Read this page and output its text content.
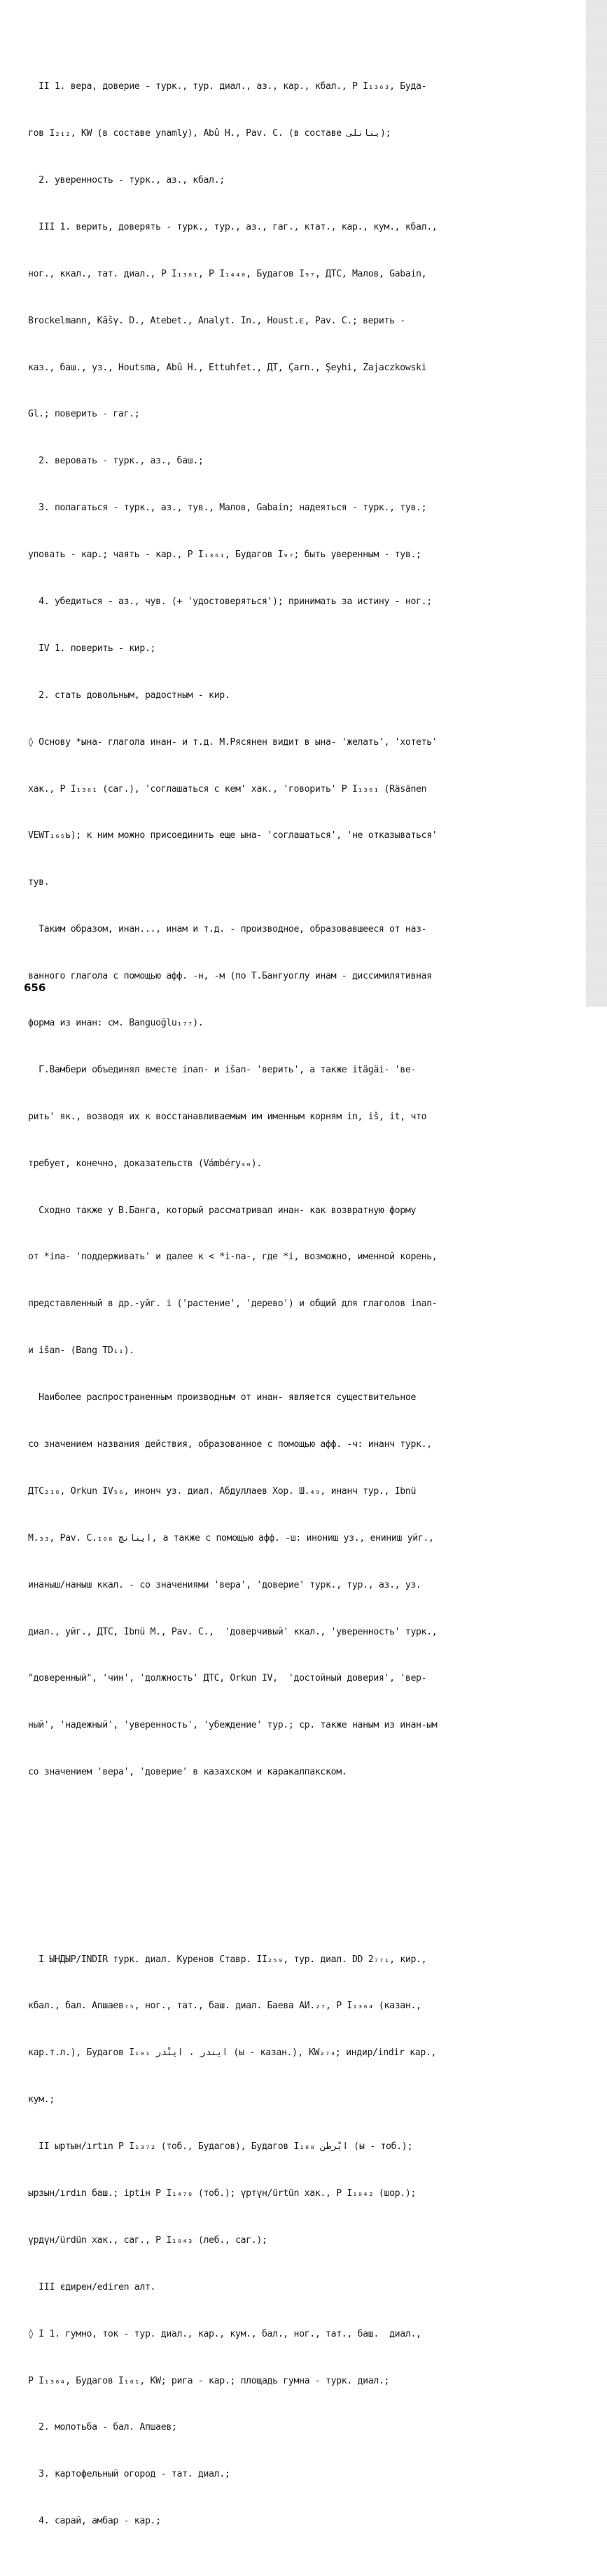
II 1. вера, доверие - турк., тур. диал., аз., кар., кбал., Р I₁₃₆₃, Буда-

гов I₂₁₂, KW (в составе ynamly), Abû H., Pav. C. (в составе ینانلی);

2. уверенность - турк., аз., кбал.;

III 1. верить, доверять - турк., тур., аз., гаг., ктат., кар., кум., кбал.,

ног., ккал., тат. диал., Р I₁₃₆₁, Р I₁₄₄₀, Будагов I₉₇, ДТС, Малов, Gabain,

Brockelmann, Kāšγ. D., Atebet., Analyt. In., Houst.ᴇ, Pav. C.; верить -

каз., баш., уз., Houtsma, Abû H., Ettuhfet., ДТ, Çarn., Şeyhi, Zajaczkowski

Gl.; поверить - гаг.;

2. веровать - турк., аз., баш.;

3. полагаться - турк., аз., тув., Малов, Gabain; надеяться - турк., тув.;

уповать - кар.; чаять - кар., Р I₁₃₆₁, Будагов I₉₇; быть уверенным - тув.;

4. убедиться - аз., чув. (+ 'удостоверяться'); принимать за истину - ног.;

IV 1. поверить - кир.;

2. стать довольным, радостным - кир.

◊ Основу *ына- глагола инан- и т.д. М.Рясянен видит в ына- 'желать', 'хотеть'

хак., Р I₁₃₆₁ (саг.), 'соглашаться с кем' хак., 'говорить' Р I₁₃₆₁ (Räsänen

VEWT₁₆₅ь); к ним можно присоединить еще ына- 'соглашаться', 'не отказываться'

тув.

Таким образом, инан..., инам и т.д. - производное, образовавшееся от наз-

ванного глагола с помощью афф. -н, -м (по Т.Бангуоглу инам - диссимилятивная

форма из инан: см. Banguoğlu₁₇₇).

Г.Вамбери объединял вместе inan- и išan- 'верить', а также itägäi- 'ве-

рить' як., возводя их к восстанавливаемым им именным корням in, iš, it, что

требует, конечно, доказательств (Vámbéry₄₀).

Сходно также у В.Банга, который рассматривал инан- как возвратную форму

от *ina- 'поддерживать' и далее к < *i-na-, где *i, возможно, именной корень,

представленный в др.-уйг. i ('растение', 'дерево') и общий для глаголов inan-

и išan- (Bang TD₁₁).

Наиболее распространенным производным от инан- является существительное

со значением названия действия, образованное с помощью афф. -ч: инанч турк.,

ДТС₂₁₈, Orkun IV₅₆, инонч уз. диал. Абдуллаев Хор. Ш.₄₉, инанч тур., Ibnü

M.₃₃, Pav. C.₁₀₈ اینانچ, а также с помощью афф. -ш: инониш уз., ениниш уйг.,

инаныш/наныш ккал. - со значениями 'вера', 'доверие' турк., тур., аз., уз.

диал., уйг., ДТС, Ibnü M., Pav. C.,  'доверчивый' ккал., 'уверенность' турк.,

"доверенный", 'чин', 'должность' ДТС, Orkun IV,  'достойный доверия', 'вер-

ный', 'надежный', 'уверенность', 'убеждение' тур.; ср. также наным из инан-ым

со значением 'вера', 'доверие' в казахском и каракалпакском.

I ЫНДЫР/INDIR турк. диал. Куренов Ставр. II₂₅₉, тур. диал. DD 2₇₇₁, кир.,

кбал., бал. Апшаев₇₅, ног., тат., баш. диал. Баева АИ.₂₇, Р I₁₃₆₄ (казан.,

кар.т.л.), Будагов I₁₀₁ ایندر ، اینْدر (ы - казан.), KW₂₇₃; индир/indir кар.,

кум.;

II ыртын/ırtın Р I₁₃₇₂ (тоб., Будагов), Будагов I₁₈₈ ایْرطن (ы - тоб.);

ырзын/ırdın баш.; ірtін Р I₁₄₇₀ (тоб.); үртүн/ürtün хак., Р I₁₈₄₂ (шор.);

үрдүн/ürdün хак., саг., Р I₁₈₄₃ (леб., саг.);

III єдирен/ediren алт.

◊ I 1. гумно, ток - тур. диал., кар., кум., бал., ног., тат., баш.  диал.,

Р I₁₃₆₄, Будагов I₁₀₁, KW; рига - кар.; площадь гумна - турк. диал.;

2. молотьба - бал. Апшаев;

3. картофельный огород - тат. диал.;

4. сарай, амбар - кар.;

656
